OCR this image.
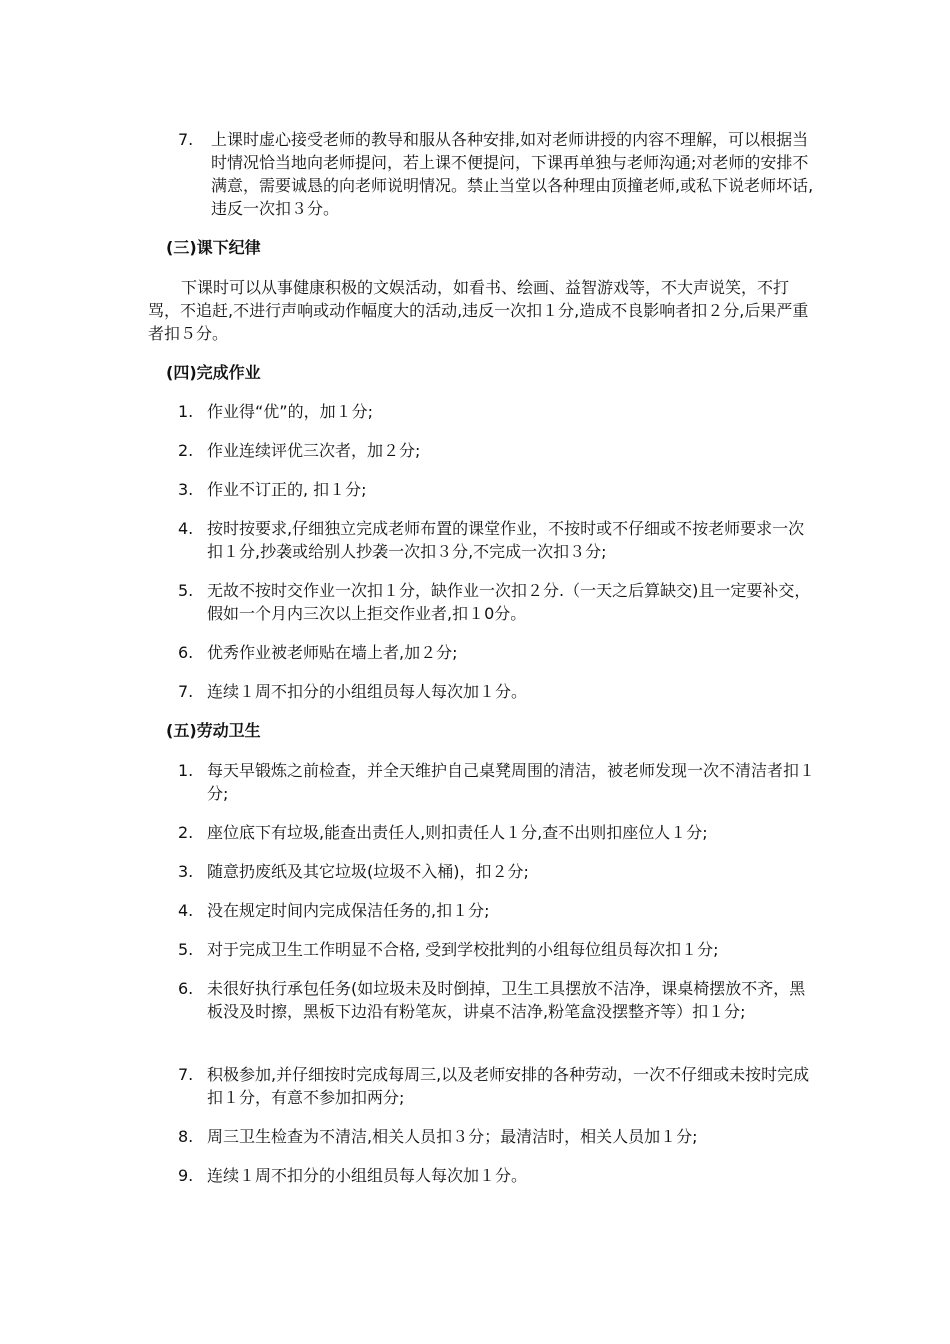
7. 上课时虚心接受老师的教导和服从各种安排,如对老师讲授的内容不理解，可以根据当时情况恰当地向老师提问，若上课不便提问，下课再单独与老师沟通;对老师的安排不满意，需要诚恳的向老师说明情况。禁止当堂以各种理由顶撞老师,或私下说老师坏话,违反一次扣３分。
(三)课下纪律
下课时可以从事健康积极的文娱活动，如看书、绘画、益智游戏等，不大声说笑，不打骂，不追赶,不进行声响或动作幅度大的活动,违反一次扣１分,造成不良影响者扣２分,后果严重者扣５分。
(四)完成作业
1. 作业得“优”的，加１分;
2. 作业连续评优三次者，加２分;
3. 作业不订正的, 扣１分;
4. 按时按要求,仔细独立完成老师布置的课堂作业，不按时或不仔细或不按老师要求一次扣１分,抄袭或给别人抄袭一次扣３分,不完成一次扣３分;
5. 无故不按时交作业一次扣１分，缺作业一次扣２分.（一天之后算缺交)且一定要补交，假如一个月内三次以上拒交作业者,扣１0分。
6. 优秀作业被老师贴在墙上者,加２分;
7. 连续１周不扣分的小组组员每人每次加１分。
(五)劳动卫生
1. 每天早锻炼之前检查，并全天维护自己桌凳周围的清洁，被老师发现一次不清洁者扣１分;
2. 座位底下有垃圾,能查出责任人,则扣责任人１分,查不出则扣座位人１分;
3. 随意扔废纸及其它垃圾(垃圾不入桶)，扣２分;
4. 没在规定时间内完成保洁任务的,扣１分;
5. 对于完成卫生工作明显不合格, 受到学校批判的小组每位组员每次扣１分;
6. 未很好执行承包任务(如垃圾未及时倒掉，卫生工具摆放不洁净，课桌椅摆放不齐，黑板没及时擦，黑板下边沿有粉笔灰，讲桌不洁净,粉笔盒没摆整齐等）扣１分;
7. 积极参加,并仔细按时完成每周三,以及老师安排的各种劳动，一次不仔细或未按时完成扣１分，有意不参加扣两分;
8. 周三卫生检查为不清洁,相关人员扣３分；最清洁时，相关人员加１分;
9. 连续１周不扣分的小组组员每人每次加１分。
